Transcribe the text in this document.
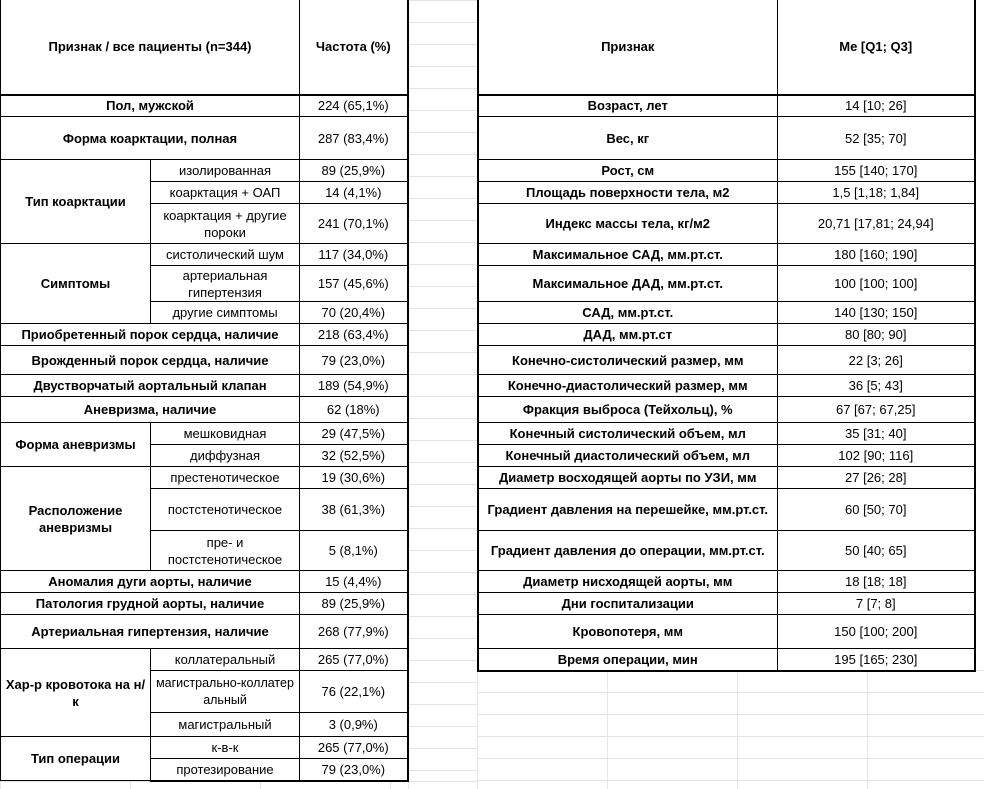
Признак / все пациенты (n=344)		Частота (%)
Пол, мужской		224 (65,1%)
Форма коарктации, полная		287 (83,4%)
Тип коарктации	изолированная	89 (25,9%)
	коарктация + ОАП	14 (4,1%)
	коарктация + другие пороки	241 (70,1%)
Симптомы	систолический шум	117 (34,0%)
	артериальная гипертензия	157 (45,6%)
	другие симптомы	70 (20,4%)
Приобретенный порок сердца, наличие		218 (63,4%)
Врожденный порок сердца, наличие		79 (23,0%)
Двустворчатый аортальный клапан		189 (54,9%)
Аневризма, наличие		62 (18%)
Форма аневризмы	мешковидная	29 (47,5%)
	диффузная	32 (52,5%)
Расположение аневризмы	престенотическое	19 (30,6%)
	постстенотическое	38 (61,3%)
	пре- и постстенотическое	5 (8,1%)
Аномалия дуги аорты, наличие		15 (4,4%)
Патология грудной аорты, наличие		89 (25,9%)
Артериальная гипертензия, наличие		268 (77,9%)
Хар-р кровотока на н/к	коллатеральный	265 (77,0%)
	магистрально-коллатеральный	76 (22,1%)
	магистральный	3 (0,9%)
Тип операции	к-в-к	265 (77,0%)
	протезирование	79 (23,0%)
Признак	Me [Q1; Q3]
Возраст, лет	14 [10; 26]
Вес, кг	52 [35; 70]
Рост, см	155 [140; 170]
Площадь поверхности тела, м2	1,5 [1,18; 1,84]
Индекс массы тела, кг/м2	20,71 [17,81; 24,94]
Максимальное САД, мм.рт.ст.	180 [160; 190]
Максимальное ДАД, мм.рт.ст.	100 [100; 100]
САД, мм.рт.ст.	140 [130; 150]
ДАД, мм.рт.ст	80 [80; 90]
Конечно-систолический размер, мм	22 [3; 26]
Конечно-диастолический размер, мм	36 [5; 43]
Фракция выброса (Тейхольц), %	67 [67; 67,25]
Конечный систолический объем, мл	35 [31; 40]
Конечный диастолический объем, мл	102 [90; 116]
Диаметр восходящей аорты по УЗИ, мм	27 [26; 28]
Градиент давления на перешейке, мм.рт.ст.	60 [50; 70]
Градиент давления до операции, мм.рт.ст.	50 [40; 65]
Диаметр нисходящей аорты, мм	18 [18; 18]
Дни госпитализации	7 [7; 8]
Кровопотеря, мм	150 [100; 200]
Время операции, мин	195 [165; 230]
